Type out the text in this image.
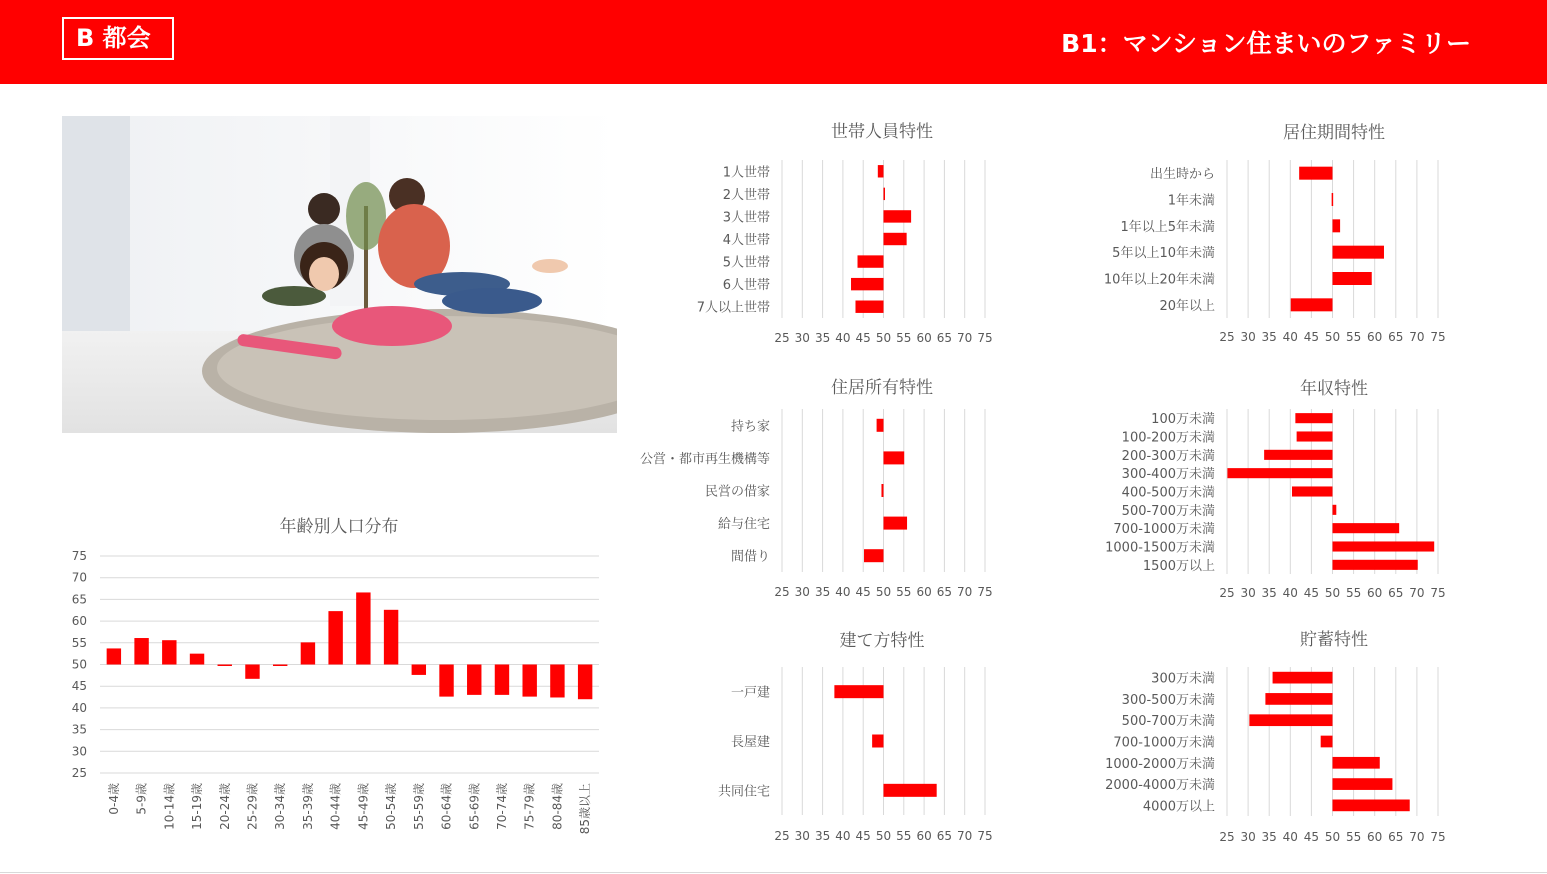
B 都会	B1：マンション住まいのファミリー
世帯人員特性
25 30 35 40 45 50 55 60 65 70 75
1人世帯
2人世帯
3人世帯
4人世帯
5人世帯
6人世帯
7人以上世帯
居住期間特性
25 30 35 40 45 50 55 60 65 70 75
出生時から
1年未満
1年以上5年未満
5年以上10年未満
10年以上20年未満
20年以上
住居所有特性
25 30 35 40 45 50 55 60 65 70 75
持ち家
公営・都市再生機構等
民営の借家
給与住宅
間借り
年収特性
25 30 35 40 45 50 55 60 65 70 75
100万未満
100-200万未満
200-300万未満
300-400万未満
400-500万未満
500-700万未満
700-1000万未満
1000-1500万未満
1500万以上
建て方特性
25 30 35 40 45 50 55 60 65 70 75
一戸建
長屋建
共同住宅
貯蓄特性
25 30 35 40 45 50 55 60 65 70 75
300万未満
300-500万未満
500-700万未満
700-1000万未満
1000-2000万未満
2000-4000万未満
4000万以上
年齢別人口分布
25
30
35
40
45
50
55
60
65
70
75
0-4歳 5-9歳 10-14歳 15-19歳 20-24歳 25-29歳 30-34歳 35-39歳 40-44歳 45-49歳 50-54歳 55-59歳 60-64歳 65-69歳 70-74歳 75-79歳 80-84歳 85歳以上
